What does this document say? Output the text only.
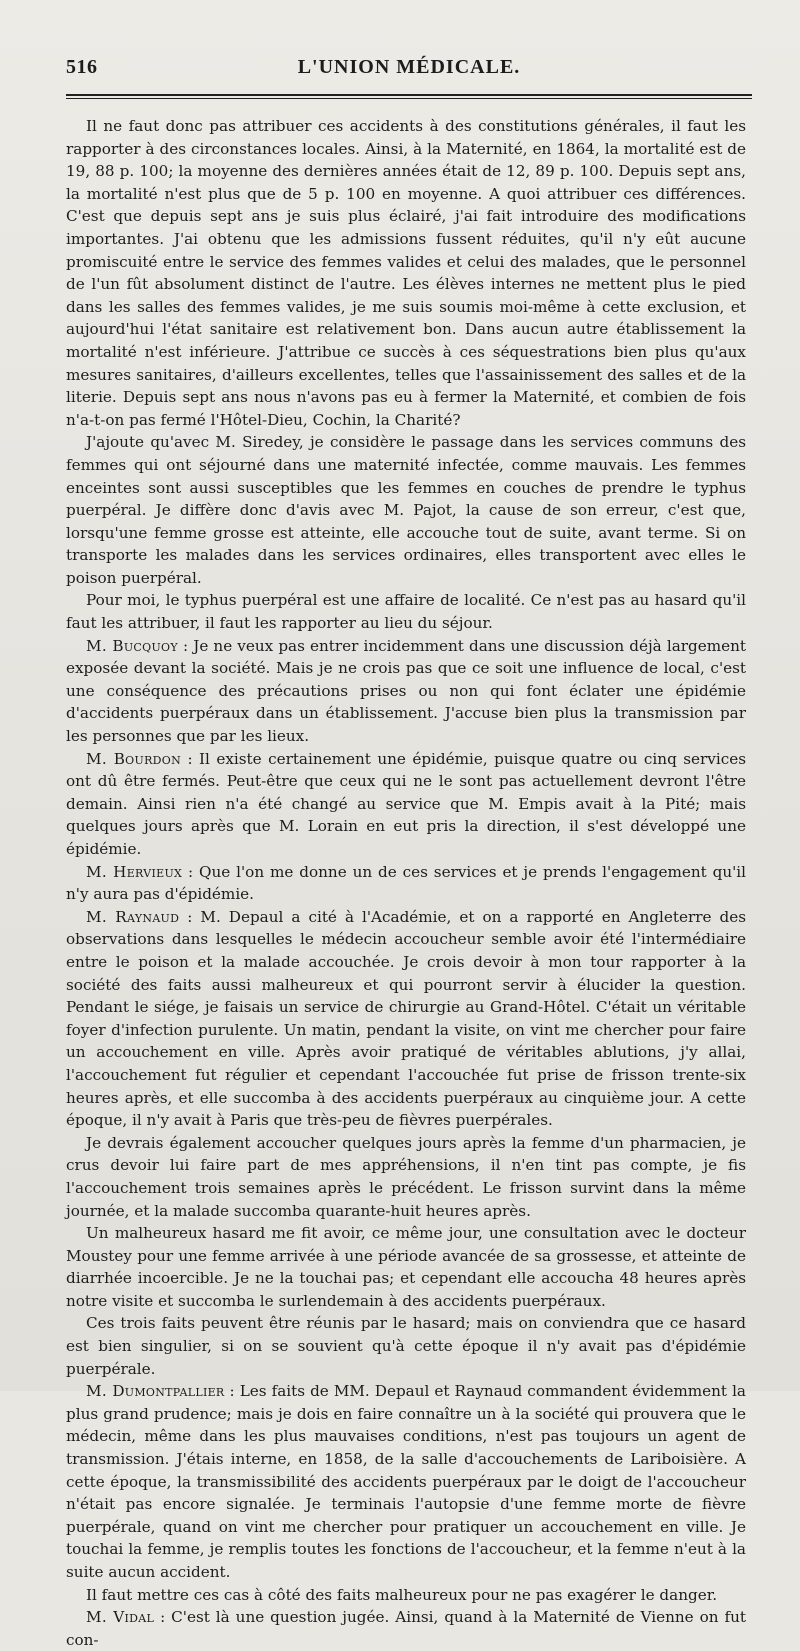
516	L'UNION MÉDICALE.

Il ne faut donc pas attribuer ces accidents à des constitutions générales, il faut les rapporter à des circonstances locales. Ainsi, à la Maternité, en 1864, la mortalité est de 19, 88 p. 100; la moyenne des dernières années était de 12, 89 p. 100. Depuis sept ans, la mortalité n'est plus que de 5 p. 100 en moyenne. A quoi attribuer ces différences. C'est que depuis sept ans je suis plus éclairé, j'ai fait introduire des modifications importantes. J'ai obtenu que les admissions fussent réduites, qu'il n'y eût aucune promiscuité entre le service des femmes valides et celui des malades, que le personnel de l'un fût absolument distinct de l'autre. Les élèves internes ne mettent plus le pied dans les salles des femmes valides, je me suis soumis moi-même à cette exclusion, et aujourd'hui l'état sanitaire est relativement bon. Dans aucun autre établissement la mortalité n'est inférieure. J'attribue ce succès à ces séquestrations bien plus qu'aux mesures sanitaires, d'ailleurs excellentes, telles que l'assainissement des salles et de la literie. Depuis sept ans nous n'avons pas eu à fermer la Maternité, et combien de fois n'a-t-on pas fermé l'Hôtel-Dieu, Cochin, la Charité?

J'ajoute qu'avec M. Siredey, je considère le passage dans les services communs des femmes qui ont séjourné dans une maternité infectée, comme mauvais. Les femmes enceintes sont aussi susceptibles que les femmes en couches de prendre le typhus puerpéral. Je diffère donc d'avis avec M. Pajot, la cause de son erreur, c'est que, lorsqu'une femme grosse est atteinte, elle accouche tout de suite, avant terme. Si on transporte les malades dans les services ordinaires, elles transportent avec elles le poison puerpéral.

Pour moi, le typhus puerpéral est une affaire de localité. Ce n'est pas au hasard qu'il faut les attribuer, il faut les rapporter au lieu du séjour.

M. Bucquoy : Je ne veux pas entrer incidemment dans une discussion déjà largement exposée devant la société. Mais je ne crois pas que ce soit une influence de local, c'est une conséquence des précautions prises ou non qui font éclater une épidémie d'accidents puerpéraux dans un établissement. J'accuse bien plus la transmission par les personnes que par les lieux.

M. Bourdon : Il existe certainement une épidémie, puisque quatre ou cinq services ont dû être fermés. Peut-être que ceux qui ne le sont pas actuellement devront l'être demain. Ainsi rien n'a été changé au service que M. Empis avait à la Pité; mais quelques jours après que M. Lorain en eut pris la direction, il s'est développé une épidémie.

M. Hervieux : Que l'on me donne un de ces services et je prends l'engagement qu'il n'y aura pas d'épidémie.

M. Raynaud : M. Depaul a cité à l'Académie, et on a rapporté en Angleterre des observations dans lesquelles le médecin accoucheur semble avoir été l'intermédiaire entre le poison et la malade accouchée. Je crois devoir à mon tour rapporter à la société des faits aussi malheureux et qui pourront servir à élucider la question. Pendant le siége, je faisais un service de chirurgie au Grand-Hôtel. C'était un véritable foyer d'infection purulente. Un matin, pendant la visite, on vint me chercher pour faire un accouchement en ville. Après avoir pratiqué de véritables ablutions, j'y allai, l'accouchement fut régulier et cependant l'accouchée fut prise de frisson trente-six heures après, et elle succomba à des accidents puerpéraux au cinquième jour. A cette époque, il n'y avait à Paris que très-peu de fièvres puerpérales.

Je devrais également accoucher quelques jours après la femme d'un pharmacien, je crus devoir lui faire part de mes appréhensions, il n'en tint pas compte, je fis l'accouchement trois semaines après le précédent. Le frisson survint dans la même journée, et la malade succomba quarante-huit heures après.

Un malheureux hasard me fit avoir, ce même jour, une consultation avec le docteur Moustey pour une femme arrivée à une période avancée de sa grossesse, et atteinte de diarrhée incoercible. Je ne la touchai pas; et cependant elle accoucha 48 heures après notre visite et succomba le surlendemain à des accidents puerpéraux.

Ces trois faits peuvent être réunis par le hasard; mais on conviendra que ce hasard est bien singulier, si on se souvient qu'à cette époque il n'y avait pas d'épidémie puerpérale.

M. Dumontpallier : Les faits de MM. Depaul et Raynaud commandent évidemment la plus grand prudence; mais je dois en faire connaître un à la société qui prouvera que le médecin, même dans les plus mauvaises conditions, n'est pas toujours un agent de transmission. J'étais interne, en 1858, de la salle d'accouchements de Lariboisière. A cette époque, la transmissibilité des accidents puerpéraux par le doigt de l'accoucheur n'était pas encore signalée. Je terminais l'autopsie d'une femme morte de fièvre puerpérale, quand on vint me chercher pour pratiquer un accouchement en ville. Je touchai la femme, je remplis toutes les fonctions de l'accoucheur, et la femme n'eut à la suite aucun accident.

Il faut mettre ces cas à côté des faits malheureux pour ne pas exagérer le danger.

M. Vidal : C'est là une question jugée. Ainsi, quand à la Maternité de Vienne on fut con-
